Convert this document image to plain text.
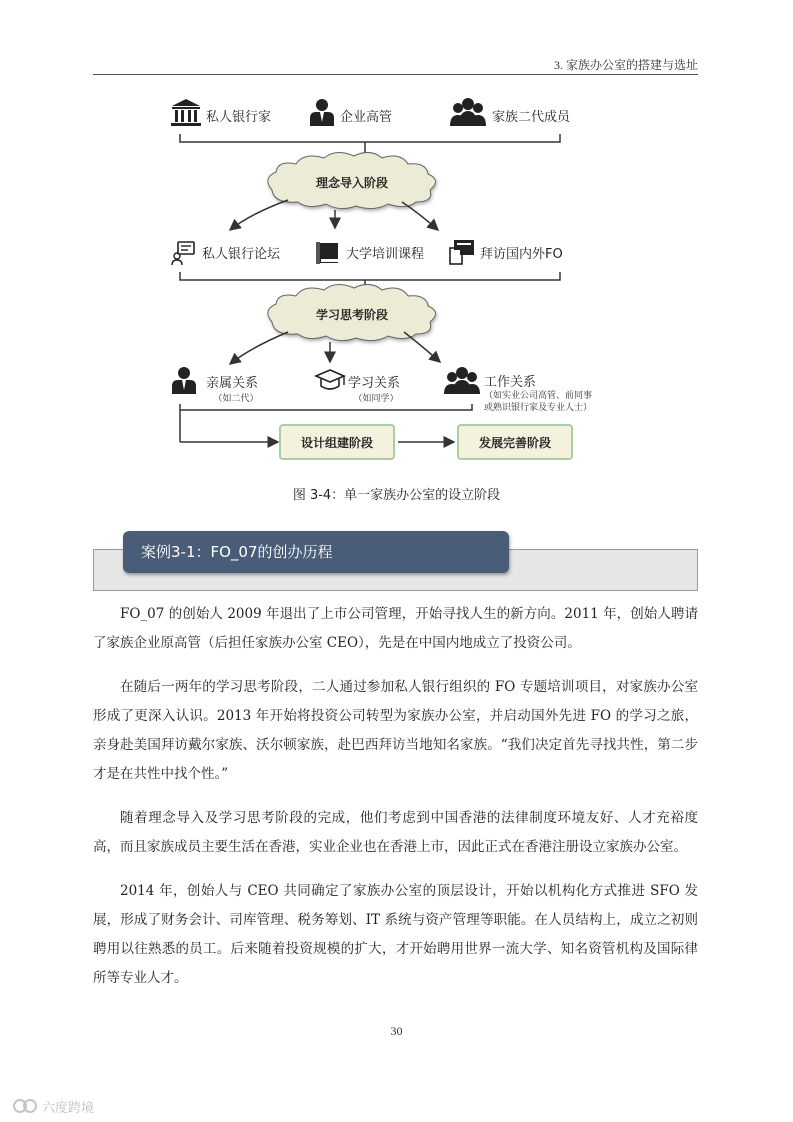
3. 家族办公室的搭建与选址
私人银行家	企业高管	家族二代成员
理念导入阶段
私人银行论坛	大学培训课程	拜访国内外FO
学习思考阶段
亲属关系
（如二代）
学习关系
（如同学）
工作关系
（如实业公司高管、前同事
或熟识银行家及专业人士）
设计组建阶段	发展完善阶段
图 3-4：单一家族办公室的设立阶段
案例3-1：FO_07的创办历程

FO_07 的创始人 2009 年退出了上市公司管理，开始寻找人生的新方向。2011 年，创始人聘请了家族企业原高管（后担任家族办公室 CEO），先是在中国内地成立了投资公司。

在随后一两年的学习思考阶段，二人通过参加私人银行组织的 FO 专题培训项目，对家族办公室形成了更深入认识。2013 年开始将投资公司转型为家族办公室，并启动国外先进 FO 的学习之旅，亲身赴美国拜访戴尔家族、沃尔顿家族，赴巴西拜访当地知名家族。“我们决定首先寻找共性，第二步才是在共性中找个性。”

随着理念导入及学习思考阶段的完成，他们考虑到中国香港的法律制度环境友好、人才充裕度高，而且家族成员主要生活在香港，实业企业也在香港上市，因此正式在香港注册设立家族办公室。

2014 年，创始人与 CEO 共同确定了家族办公室的顶层设计，开始以机构化方式推进 SFO 发展，形成了财务会计、司库管理、税务筹划、IT 系统与资产管理等职能。在人员结构上，成立之初则聘用以往熟悉的员工。后来随着投资规模的扩大，才开始聘用世界一流大学、知名资管机构及国际律所等专业人才。

30
六度跨境
